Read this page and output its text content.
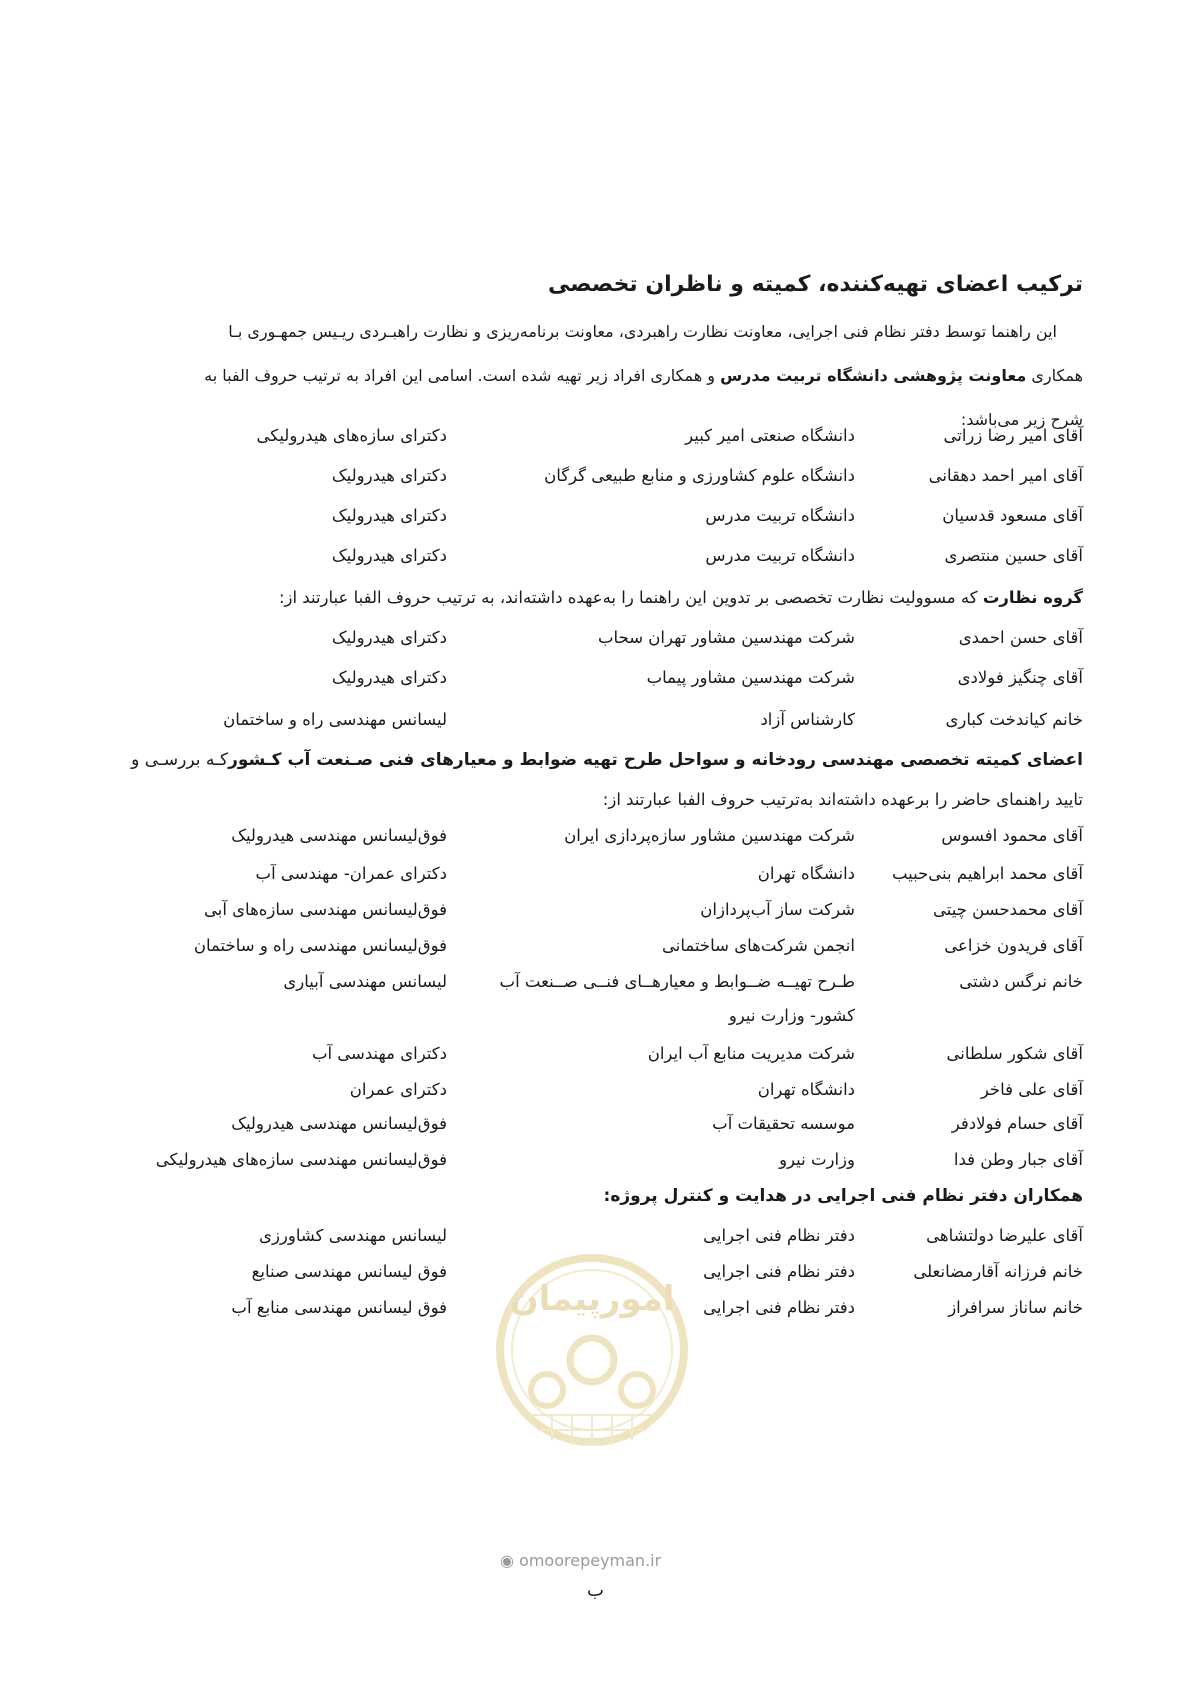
ترکیب اعضای تهیه‌کننده، کمیته و ناظران تخصصی
این راهنما توسط دفتر نظام فنی اجرایی، معاونت نظارت راهبردی، معاونت برنامه‌ریزی و نظارت راهبـردی ریـیس جمهـوری بـا
همکاری معاونت پژوهشی دانشگاه تربیت مدرس و همکاری افراد زیر تهیه شده است. اسامی این افراد به ترتیب حروف الفبا به
شرح زیر می‌باشد:
آقای امیر رضا زراتی
دانشگاه صنعتی امیر کبیر
دکترای سازه‌های هیدرولیکی
آقای امیر احمد دهقانی
دانشگاه علوم کشاورزی و منابع طبیعی گرگان
دکترای هیدرولیک
آقای مسعود قدسیان
دانشگاه تربیت مدرس
دکترای هیدرولیک
آقای حسین منتصری
دانشگاه تربیت مدرس
دکترای هیدرولیک
گروه نظارت که مسوولیت نظارت تخصصی بر تدوین این راهنما را به‌عهده داشته‌اند، به ترتیب حروف الفبا عبارتند از:
آقای حسن احمدی
شرکت مهندسین مشاور تهران سحاب
دکترای هیدرولیک
آقای چنگیز فولادی
شرکت مهندسین مشاور پیماب
دکترای هیدرولیک
خانم کیاندخت کباری
کارشناس آزاد
لیسانس مهندسی راه و ساختمان
اعضای کمیته تخصصی مهندسی رودخانه و سواحل طرح تهیه ضوابط و معیارهای فنی صـنعت آب کـشورکـه بررسـی و
تایید راهنمای حاضر را برعهده داشته‌اند به‌ترتیب حروف الفبا عبارتند از:
آقای محمود افسوس
شرکت مهندسین مشاور سازه‌پردازی ایران
فوق‌لیسانس مهندسی هیدرولیک
آقای محمد ابراهیم بنی‌حبیب
دانشگاه تهران
دکترای عمران- مهندسی آب
آقای محمدحسن چیتی
شرکت ساز آب‌پردازان
فوق‌لیسانس مهندسی سازه‌های آبی
آقای فریدون خزاعی
انجمن شرکت‌های ساختمانی
فوق‌لیسانس مهندسی راه و ساختمان
خانم نرگس دشتی
طـرح تهیــه ضــوابط و معیارهــای فنــی صــنعت آب
لیسانس مهندسی آبیاری
کشور- وزارت نیرو
آقای شکور سلطانی
شرکت مدیریت منابع آب ایران
دکترای مهندسی آب
آقای علی فاخر
دانشگاه تهران
دکترای عمران
آقای حسام فولادفر
موسسه تحقیقات آب
فوق‌لیسانس مهندسی هیدرولیک
آقای جبار وطن فدا
وزارت نیرو
فوق‌لیسانس مهندسی سازه‌های هیدرولیکی
همکاران دفتر نظام فنی اجرایی در هدایت و کنترل پروژه:
آقای علیرضا دولتشاهی
دفتر نظام فنی اجرایی
لیسانس مهندسی کشاورزی
خانم فرزانه آقارمضانعلی
دفتر نظام فنی اجرایی
فوق لیسانس مهندسی صنایع
خانم ساناز سرافراز
دفتر نظام فنی اجرایی
فوق لیسانس مهندسی منابع آب امورپیمان
◉ omoorepeyman.ir
ب
